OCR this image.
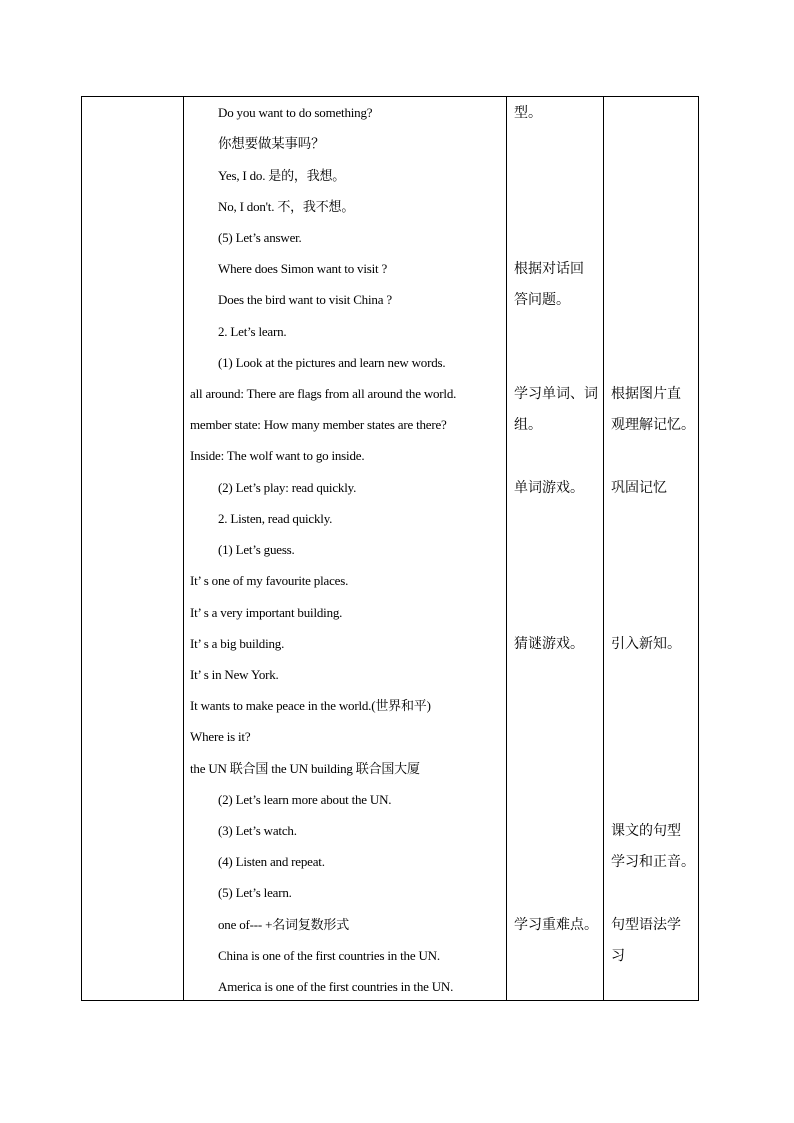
Do you want to do something?
你想要做某事吗？
Yes, I do. 是的，我想。
No, I don't. 不，我不想。
(5) Let’s answer.
Where does Simon want to visit ?
Does the bird want to visit China ?
2. Let’s learn.
(1) Look at the pictures and learn new words.
all around: There are flags from all around the world.
member state: How many member states are there?
Inside: The wolf want to go inside.
(2) Let’s play: read quickly.
2. Listen, read quickly.
(1) Let’s guess.
It’ s one of my favourite places.
It’ s a very important building.
It’ s a big building.
It’ s in New York.
It wants to make peace in the world.(世界和平)
Where is it?
the UN 联合国 the UN building 联合国大厦
(2) Let’s learn more about the UN.
(3) Let’s watch.
(4) Listen and repeat.
(5) Let’s learn.
one of--- +名词复数形式
China is one of the first countries in the UN.
America is one of the first countries in the UN.
型。
根据对话回
答问题。
学习单词、词
组。
单词游戏。
猜谜游戏。
学习重难点。
根据图片直
观理解记忆。
巩固记忆
引入新知。
课文的句型
学习和正音。
句型语法学
习
